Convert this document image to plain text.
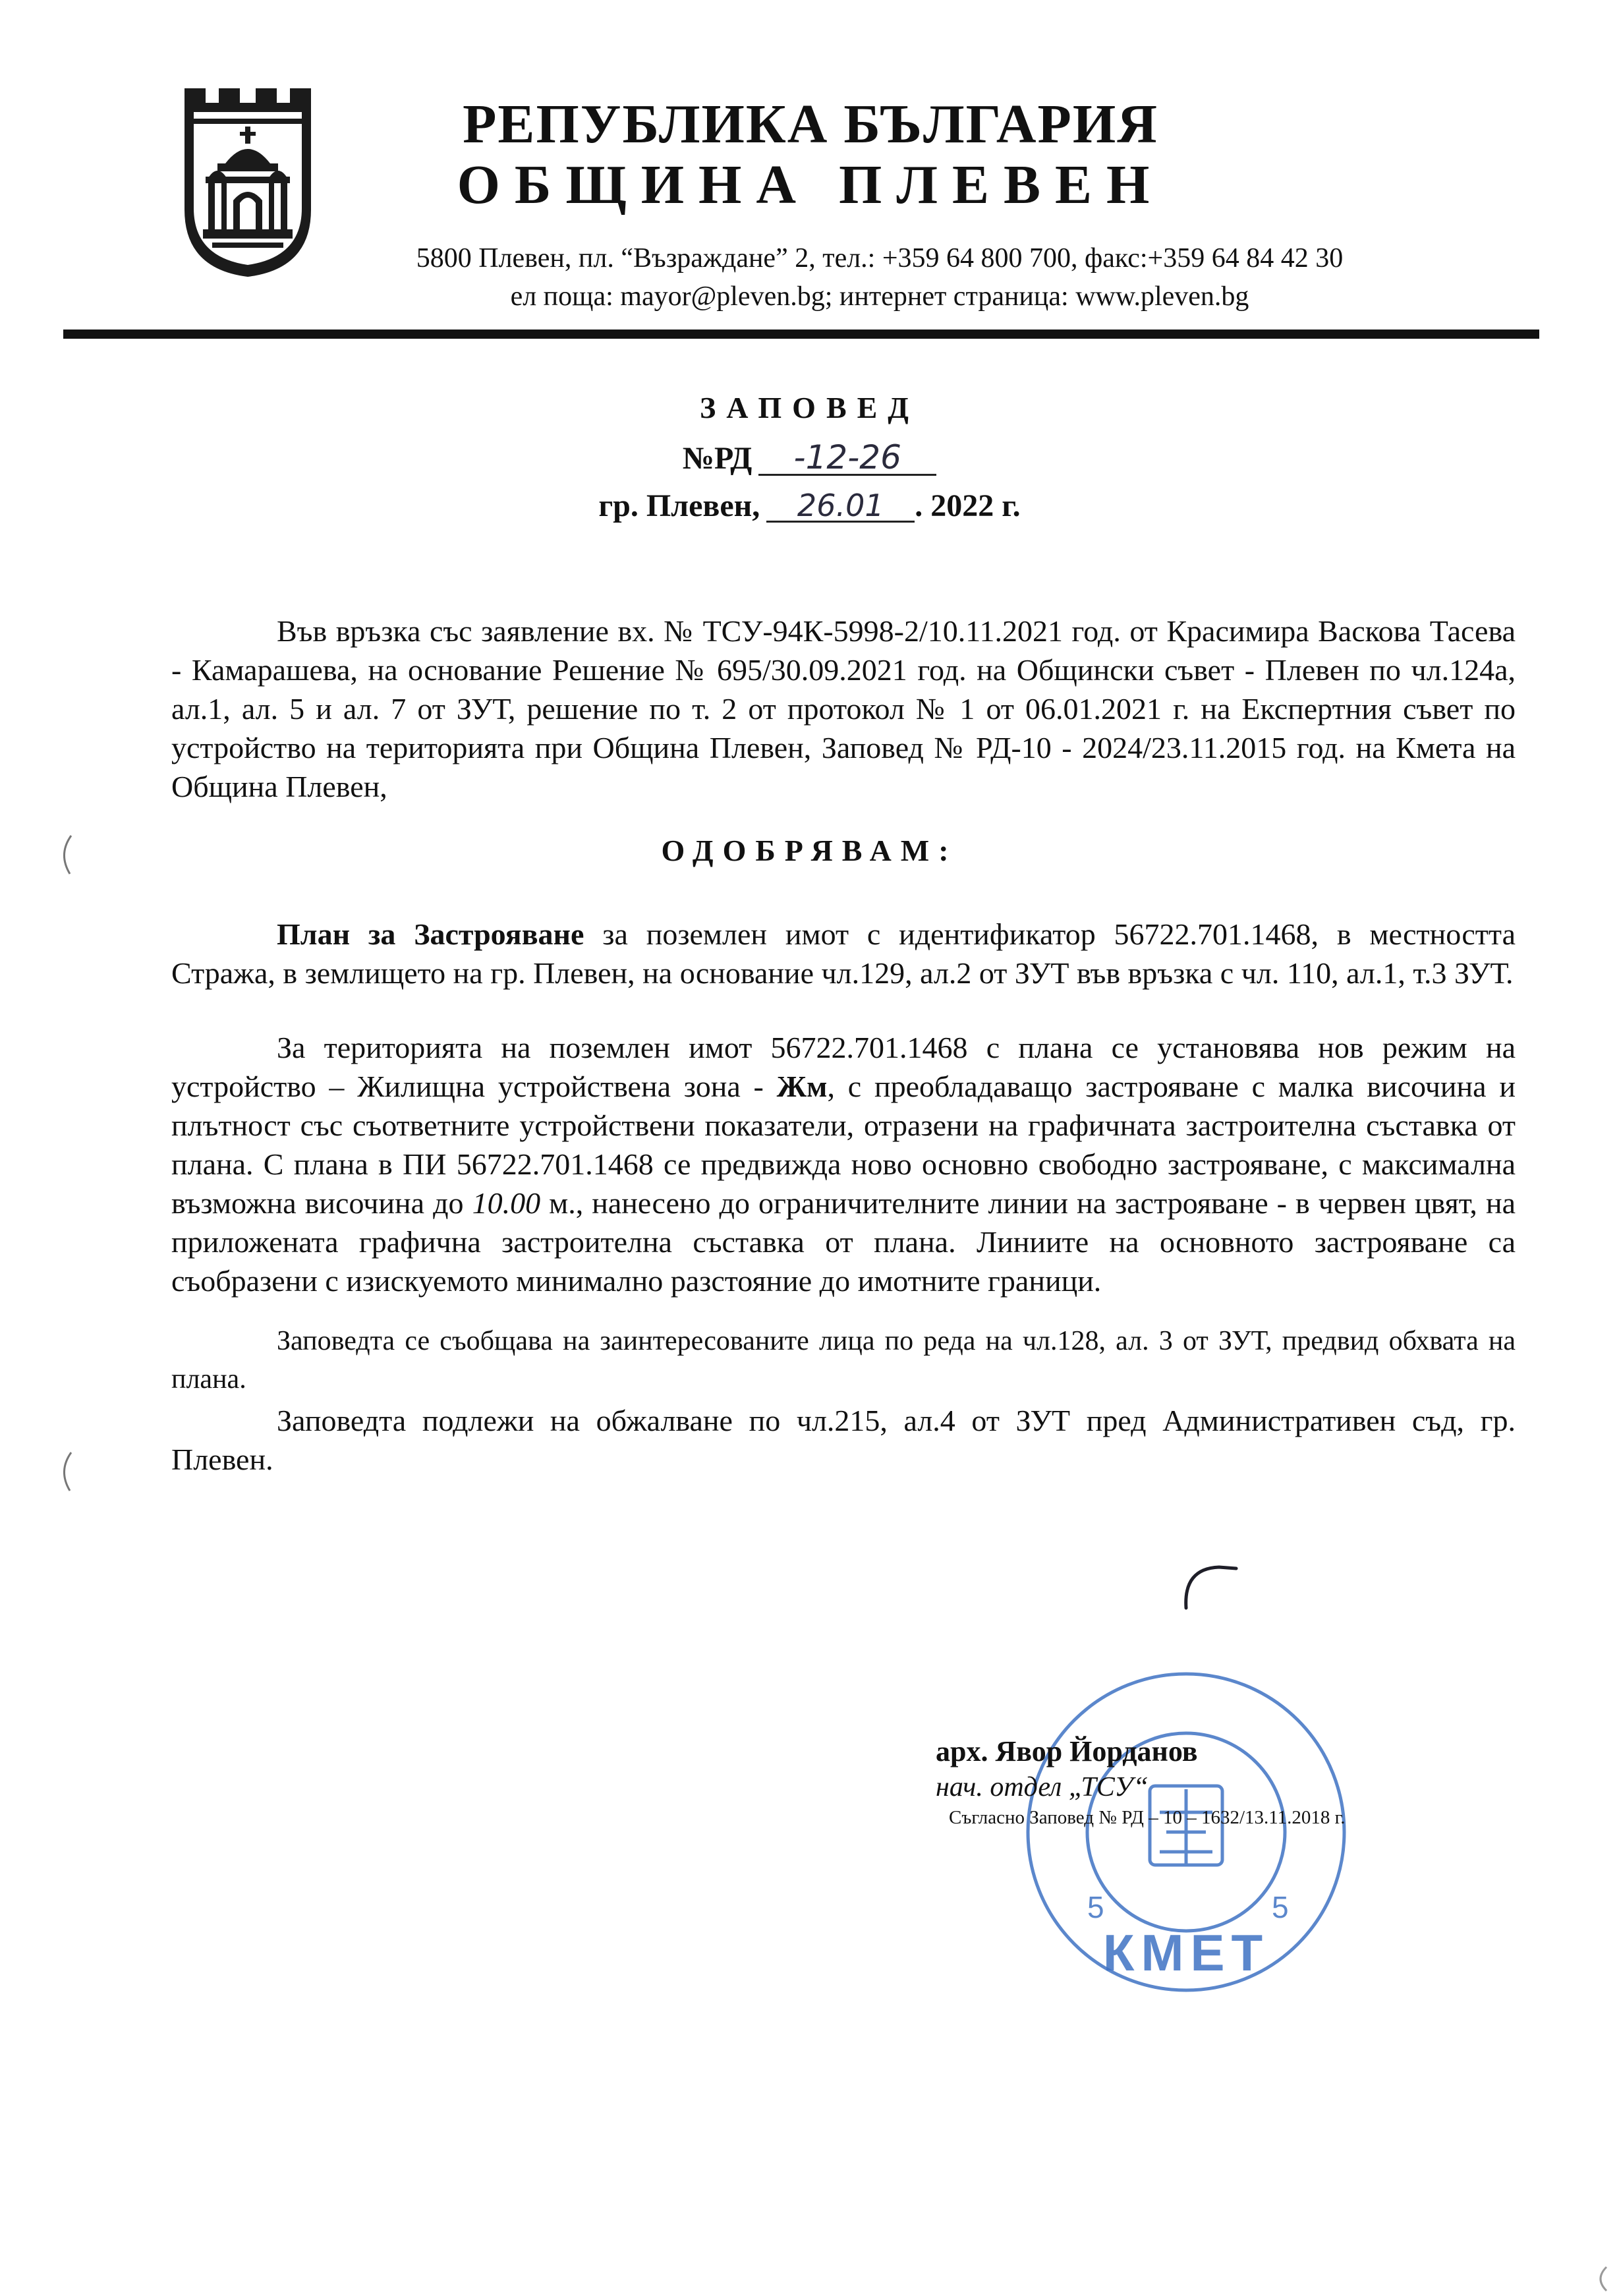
РЕПУБЛИКА БЪЛГАРИЯ
ОБЩИНА ПЛЕВЕН
5800 Плевен, пл. “Възраждане” 2, тел.: +359 64 800 700, факс:+359 64 84 42 30
ел поща: mayor@pleven.bg; интернет страница: www.pleven.bg
ЗАПОВЕД
№РД -12-26
гр. Плевен, 26.01 . 2022 г.
Във връзка със заявление вх. № ТСУ-94К-5998-2/10.11.2021 год. от Красимира Васкова Тасева - Камарашева, на основание Решение № 695/30.09.2021 год. на Общински съвет - Плевен по чл.124а, ал.1, ал. 5 и ал. 7 от ЗУТ, решение по т. 2 от протокол № 1 от 06.01.2021 г. на Експертния съвет по устройство на територията при Община Плевен, Заповед № РД-10 - 2024/23.11.2015 год. на Кмета на Община Плевен,
ОДОБРЯВАМ:
План за Застрояване за поземлен имот с идентификатор 56722.701.1468, в местността Стража, в землището на гр. Плевен, на основание чл.129, ал.2 от ЗУТ във връзка с чл. 110, ал.1, т.3 ЗУТ.
За територията на поземлен имот 56722.701.1468 с плана се установява нов режим на устройство – Жилищна устройствена зона - Жм, с преобладаващо застрояване с малка височина и плътност със съответните устройствени показатели, отразени на графичната застроителна съставка от плана. С плана в ПИ 56722.701.1468 се предвижда ново основно свободно застрояване, с максимална възможна височина до 10.00 м., нанесено до ограничителните линии на застрояване - в червен цвят, на приложената графична застроителна съставка от плана. Линиите на основното застрояване са съобразени с изискуемото минимално разстояние до имотните граници.
Заповедта се съобщава на заинтересованите лица по реда на чл.128, ал. 3 от ЗУТ, предвид обхвата на плана.
Заповедта подлежи на обжалване по чл.215, ал.4 от ЗУТ пред Административен съд, гр. Плевен.
КМЕТ
5	5
арх. Явор Йорданов
нач. отдел „ТСУ“
Съгласно Заповед № РД – 10 – 1632/13.11.2018 г.
